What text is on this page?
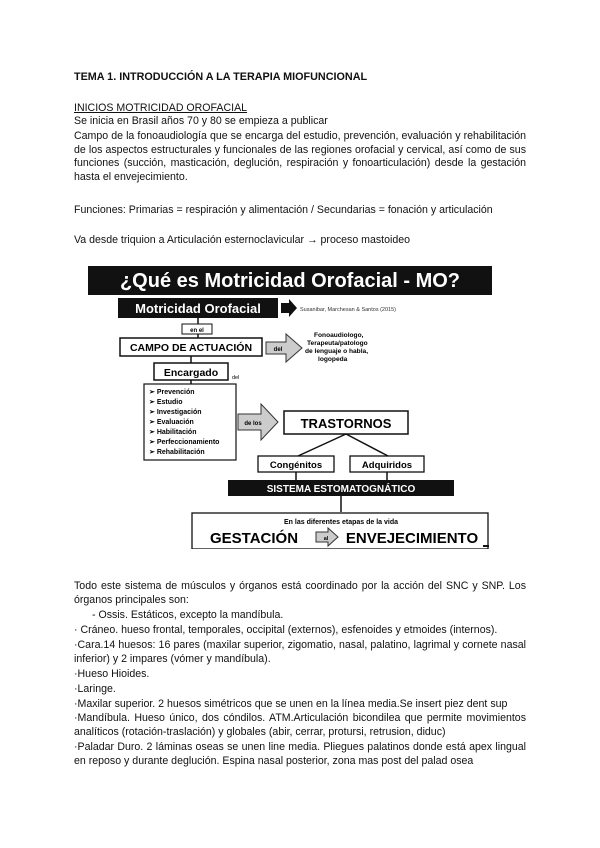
TEMA 1. INTRODUCCIÓN A LA TERAPIA MIOFUNCIONAL
INICIOS MOTRICIDAD OROFACIAL
Se inicia en Brasil años 70 y 80 se empieza a publicar
Campo de la fonoaudiología que se encarga del estudio, prevención, evaluación y rehabilitación de los aspectos estructurales y funcionales de las regiones orofacial y cervical, así como de sus funciones (succión, masticación, deglución, respiración y fonoarticulación) desde la gestación hasta el envejecimiento.
Funciones: Primarias = respiración y alimentación / Secundarias = fonación y articulación
Va desde triquion a Articulación esternoclavicular → proceso mastoideo
¿Qué es Motricidad Orofacial - MO?
Motricidad Orofacial	Susanibar, Marchesan & Santos (2015)
en el
CAMPO DE ACTUACIÓN	del
Fonoaudiologo,
Terapeuta/patologo
de lenguaje o habla,
logopeda
Encargado	del
➢ Prevención
➢ Estudio
➢ Investigación
➢ Evaluación
➢ Habilitación
➢ Perfeccionamiento
➢ Rehabilitación
de los	TRASTORNOS
Congénitos	Adquiridos
SISTEMA ESTOMATOGNÁTICO
En las diferentes etapas de la vida
GESTACIÓN	al ENVEJECIMIENTO
Todo este sistema de músculos y órganos está coordinado por la acción del SNC y SNP. Los órganos principales son:
- Ossis. Estáticos, excepto la mandíbula.
· Cráneo. hueso frontal, temporales, occipital (externos), esfenoides y etmoides (internos).
·Cara.14 huesos: 16 pares (maxilar superior, zigomatio, nasal, palatino, lagrimal y cornete nasal inferior) y 2 impares (vómer y mandíbula).
·Hueso Hioides.
·Laringe.
·Maxilar superior. 2 huesos simétricos que se unen en la línea media.Se insert piez dent sup
·Mandíbula. Hueso único, dos cóndilos. ATM.Articulación bicondilea que permite movimientos analíticos (rotación-traslación) y globales (abir, cerrar, protursi, retrusion, diduc)
·Paladar Duro. 2 láminas oseas se unen line media. Pliegues palatinos donde está apex lingual en reposo y durante deglución. Espina nasal posterior, zona mas post del palad osea
